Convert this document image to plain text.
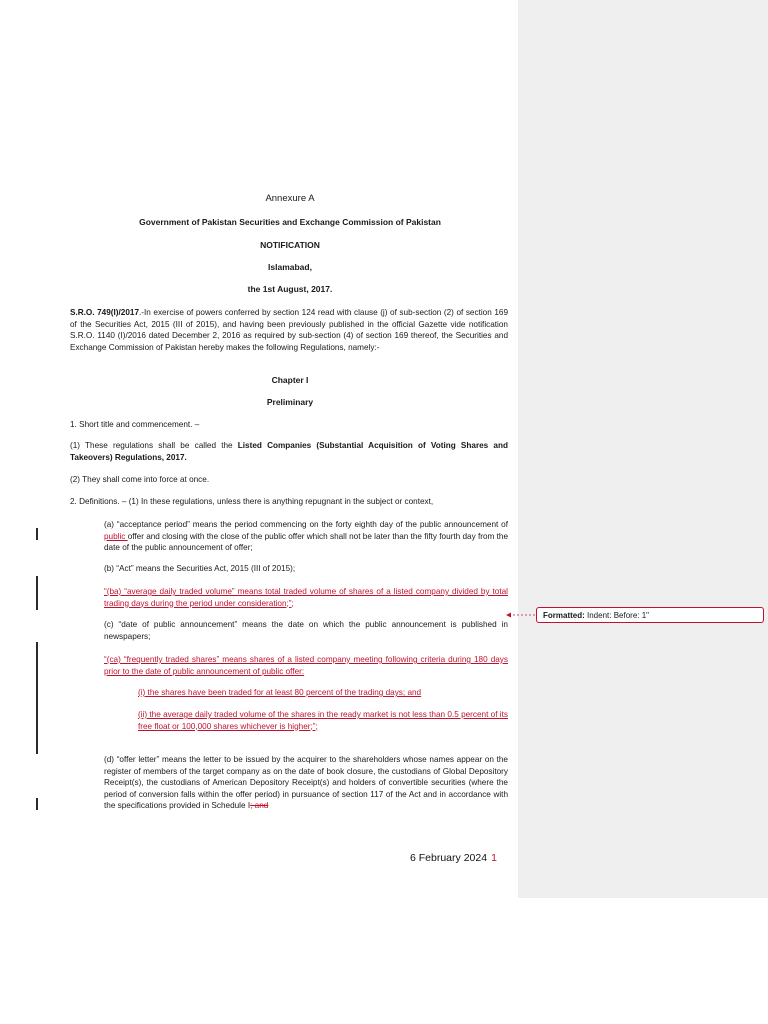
Annexure A
Government of Pakistan Securities and Exchange Commission of Pakistan
NOTIFICATION
Islamabad,
the 1st August, 2017.
S.R.O. 749(I)/2017.-In exercise of powers conferred by section 124 read with clause (j) of sub-section (2) of section 169 of the Securities Act, 2015 (III of 2015), and having been previously published in the official Gazette vide notification S.R.O. 1140 (I)/2016 dated December 2, 2016 as required by sub-section (4) of section 169 thereof, the Securities and Exchange Commission of Pakistan hereby makes the following Regulations, namely:-
Chapter I
Preliminary
1. Short title and commencement. –
(1) These regulations shall be called the Listed Companies (Substantial Acquisition of Voting Shares and Takeovers) Regulations, 2017.
(2) They shall come into force at once.
2. Definitions. – (1) In these regulations, unless there is anything repugnant in the subject or context,
(a) “acceptance period” means the period commencing on the forty eighth day of the public announcement of public offer and closing with the close of the public offer which shall not be later than the fifty fourth day from the date of the public announcement of offer;
(b) “Act” means the Securities Act, 2015 (III of 2015);
“(ba) “average daily traded volume” means total traded volume of shares of a listed company divided by total trading days during the period under consideration;”;
(c) “date of public announcement” means the date on which the public announcement is published in newspapers;
“(ca) “frequently traded shares” means shares of a listed company meeting following criteria during 180 days prior to the date of public announcement of public offer:
(i) the shares have been traded for at least 80 percent of the trading days; and
(ii) the average daily traded volume of the shares in the ready market is not less than 0.5 percent of its free float or 100,000 shares whichever is higher;”;
(d) “offer letter” means the letter to be issued by the acquirer to the shareholders whose names appear on the register of members of the target company as on the date of book closure, the custodians of Global Depository Receipt(s), the custodians of American Depository Receipt(s) and holders of convertible securities (where the period of conversion falls within the offer period) in pursuance of section 117 of the Act and in accordance with the specifications provided in Schedule I; and
Formatted: Indent: Before: 1"
6 February 2024 1
